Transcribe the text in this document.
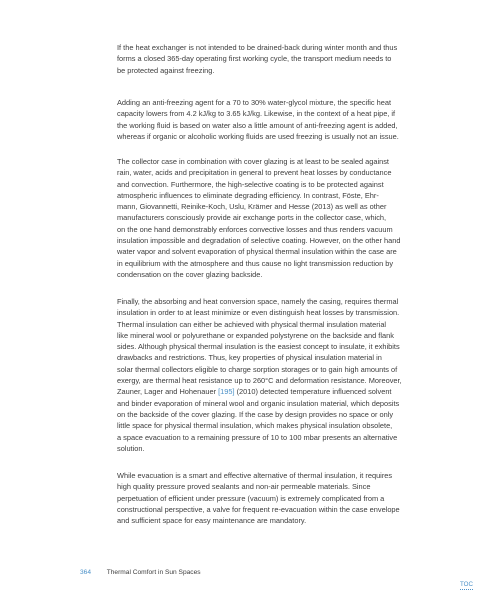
If the heat exchanger is not intended to be drained-back during winter month and thus
forms a closed 365-day operating first working cycle, the transport medium needs to
be protected against freezing.
Adding an anti-freezing agent for a 70 to 30% water-glycol mixture, the specific heat
capacity lowers from 4.2 kJ/kg to 3.65 kJ/kg. Likewise, in the context of a heat pipe, if
the working fluid is based on water also a little amount of anti-freezing agent is added,
whereas if organic or alcoholic working fluids are used freezing is usually not an issue.
The collector case in combination with cover glazing is at least to be sealed against
rain, water, acids and precipitation in general to prevent heat losses by conductance
and convection. Furthermore, the high-selective coating is to be protected against
atmospheric influences to eliminate degrading efficiency. In contrast, Föste, Ehr-
mann, Giovannetti, Reinike-Koch, Uslu, Krämer and Hesse (2013) as well as other
manufacturers consciously provide air exchange ports in the collector case, which,
on the one hand demonstrably enforces convective losses and thus renders vacuum
insulation impossible and degradation of selective coating. However, on the other hand
water vapor and solvent evaporation of physical thermal insulation within the case are
in equilibrium with the atmosphere and thus cause no light transmission reduction by
condensation on the cover glazing backside.
Finally, the absorbing and heat conversion space, namely the casing, requires thermal
insulation in order to at least minimize or even distinguish heat losses by transmission.
Thermal insulation can either be achieved with physical thermal insulation material
like mineral wool or polyurethane or expanded polystyrene on the backside and flank
sides. Although physical thermal insulation is the easiest concept to insulate, it exhibits
drawbacks and restrictions. Thus, key properties of physical insulation material in
solar thermal collectors eligible to charge sorption storages or to gain high amounts of
exergy, are thermal heat resistance up to 260°C and deformation resistance. Moreover,
Zauner, Lager and Hohenauer [195] (2010) detected temperature influenced solvent
and binder evaporation of mineral wool and organic insulation material, which deposits
on the backside of the cover glazing. If the case by design provides no space or only
little space for physical thermal insulation, which makes physical insulation obsolete,
a space evacuation to a remaining pressure of 10 to 100 mbar presents an alternative
solution.
While evacuation is a smart and effective alternative of thermal insulation, it requires
high quality pressure proved sealants and non-air permeable materials. Since
perpetuation of efficient under pressure (vacuum) is extremely complicated from a
constructional perspective, a valve for frequent re-evacuation within the case envelope
and sufficient space for easy maintenance are mandatory.
364 Thermal Comfort in Sun Spaces
TOC
